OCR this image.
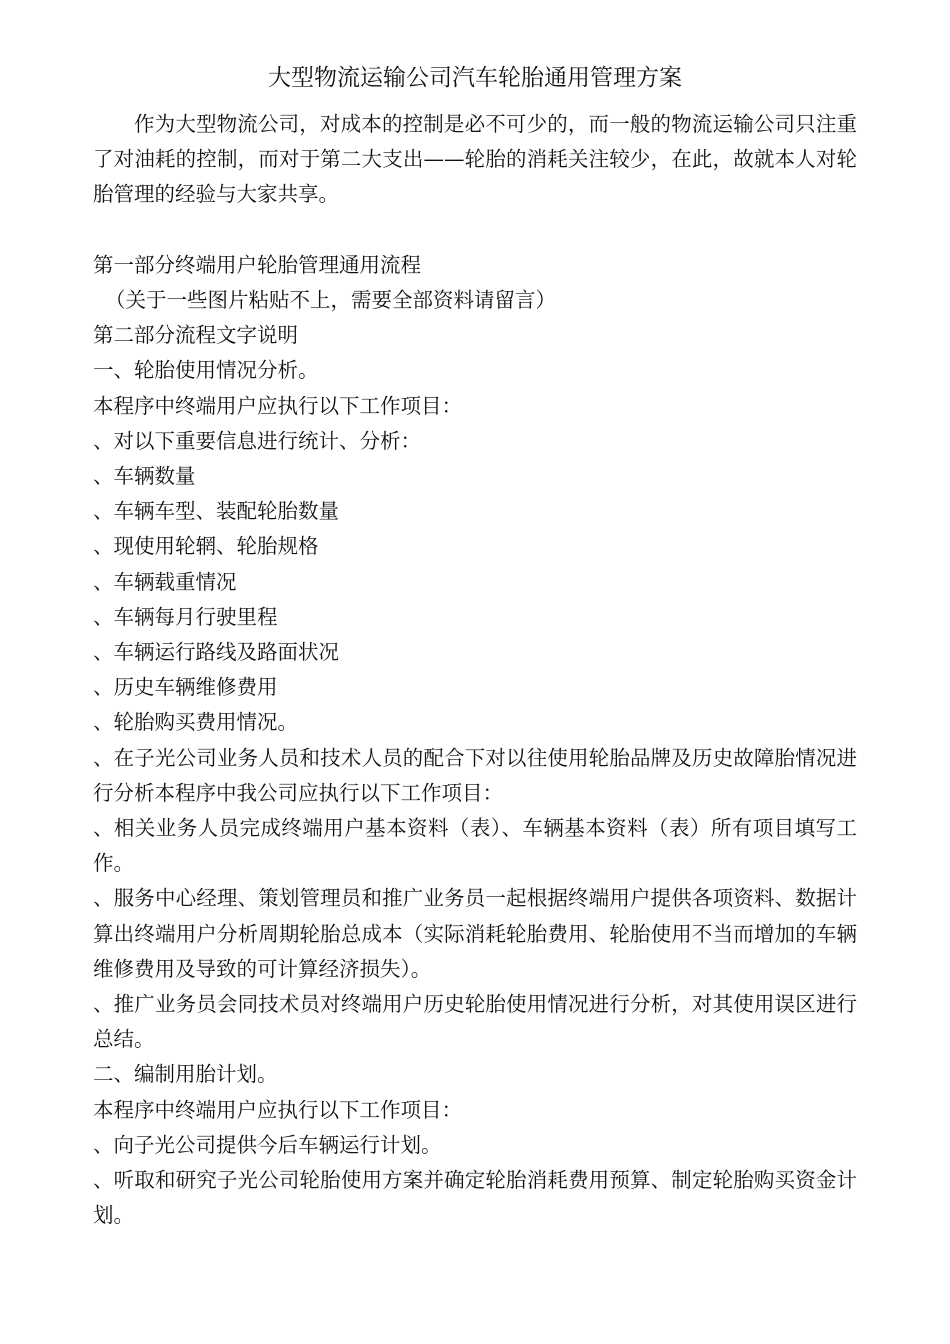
大型物流运输公司汽车轮胎通用管理方案

作为大型物流公司，对成本的控制是必不可少的，而一般的物流运输公司只注重了对油耗的控制，而对于第二大支出——轮胎的消耗关注较少，在此，故就本人对轮胎管理的经验与大家共享。

第一部分终端用户轮胎管理通用流程

（关于一些图片粘贴不上，需要全部资料请留言）

第二部分流程文字说明

一、轮胎使用情况分析。

本程序中终端用户应执行以下工作项目：

、对以下重要信息进行统计、分析：

、车辆数量

、车辆车型、装配轮胎数量

、现使用轮辋、轮胎规格

、车辆载重情况

、车辆每月行驶里程

、车辆运行路线及路面状况

、历史车辆维修费用

、轮胎购买费用情况。

、在子光公司业务人员和技术人员的配合下对以往使用轮胎品牌及历史故障胎情况进行分析本程序中我公司应执行以下工作项目：

、相关业务人员完成终端用户基本资料（表）、车辆基本资料（表）所有项目填写工作。

、服务中心经理、策划管理员和推广业务员一起根据终端用户提供各项资料、数据计算出终端用户分析周期轮胎总成本（实际消耗轮胎费用、轮胎使用不当而增加的车辆维修费用及导致的可计算经济损失）。

、推广业务员会同技术员对终端用户历史轮胎使用情况进行分析，对其使用误区进行总结。

二、编制用胎计划。

本程序中终端用户应执行以下工作项目：

、向子光公司提供今后车辆运行计划。

、听取和研究子光公司轮胎使用方案并确定轮胎消耗费用预算、制定轮胎购买资金计划。
